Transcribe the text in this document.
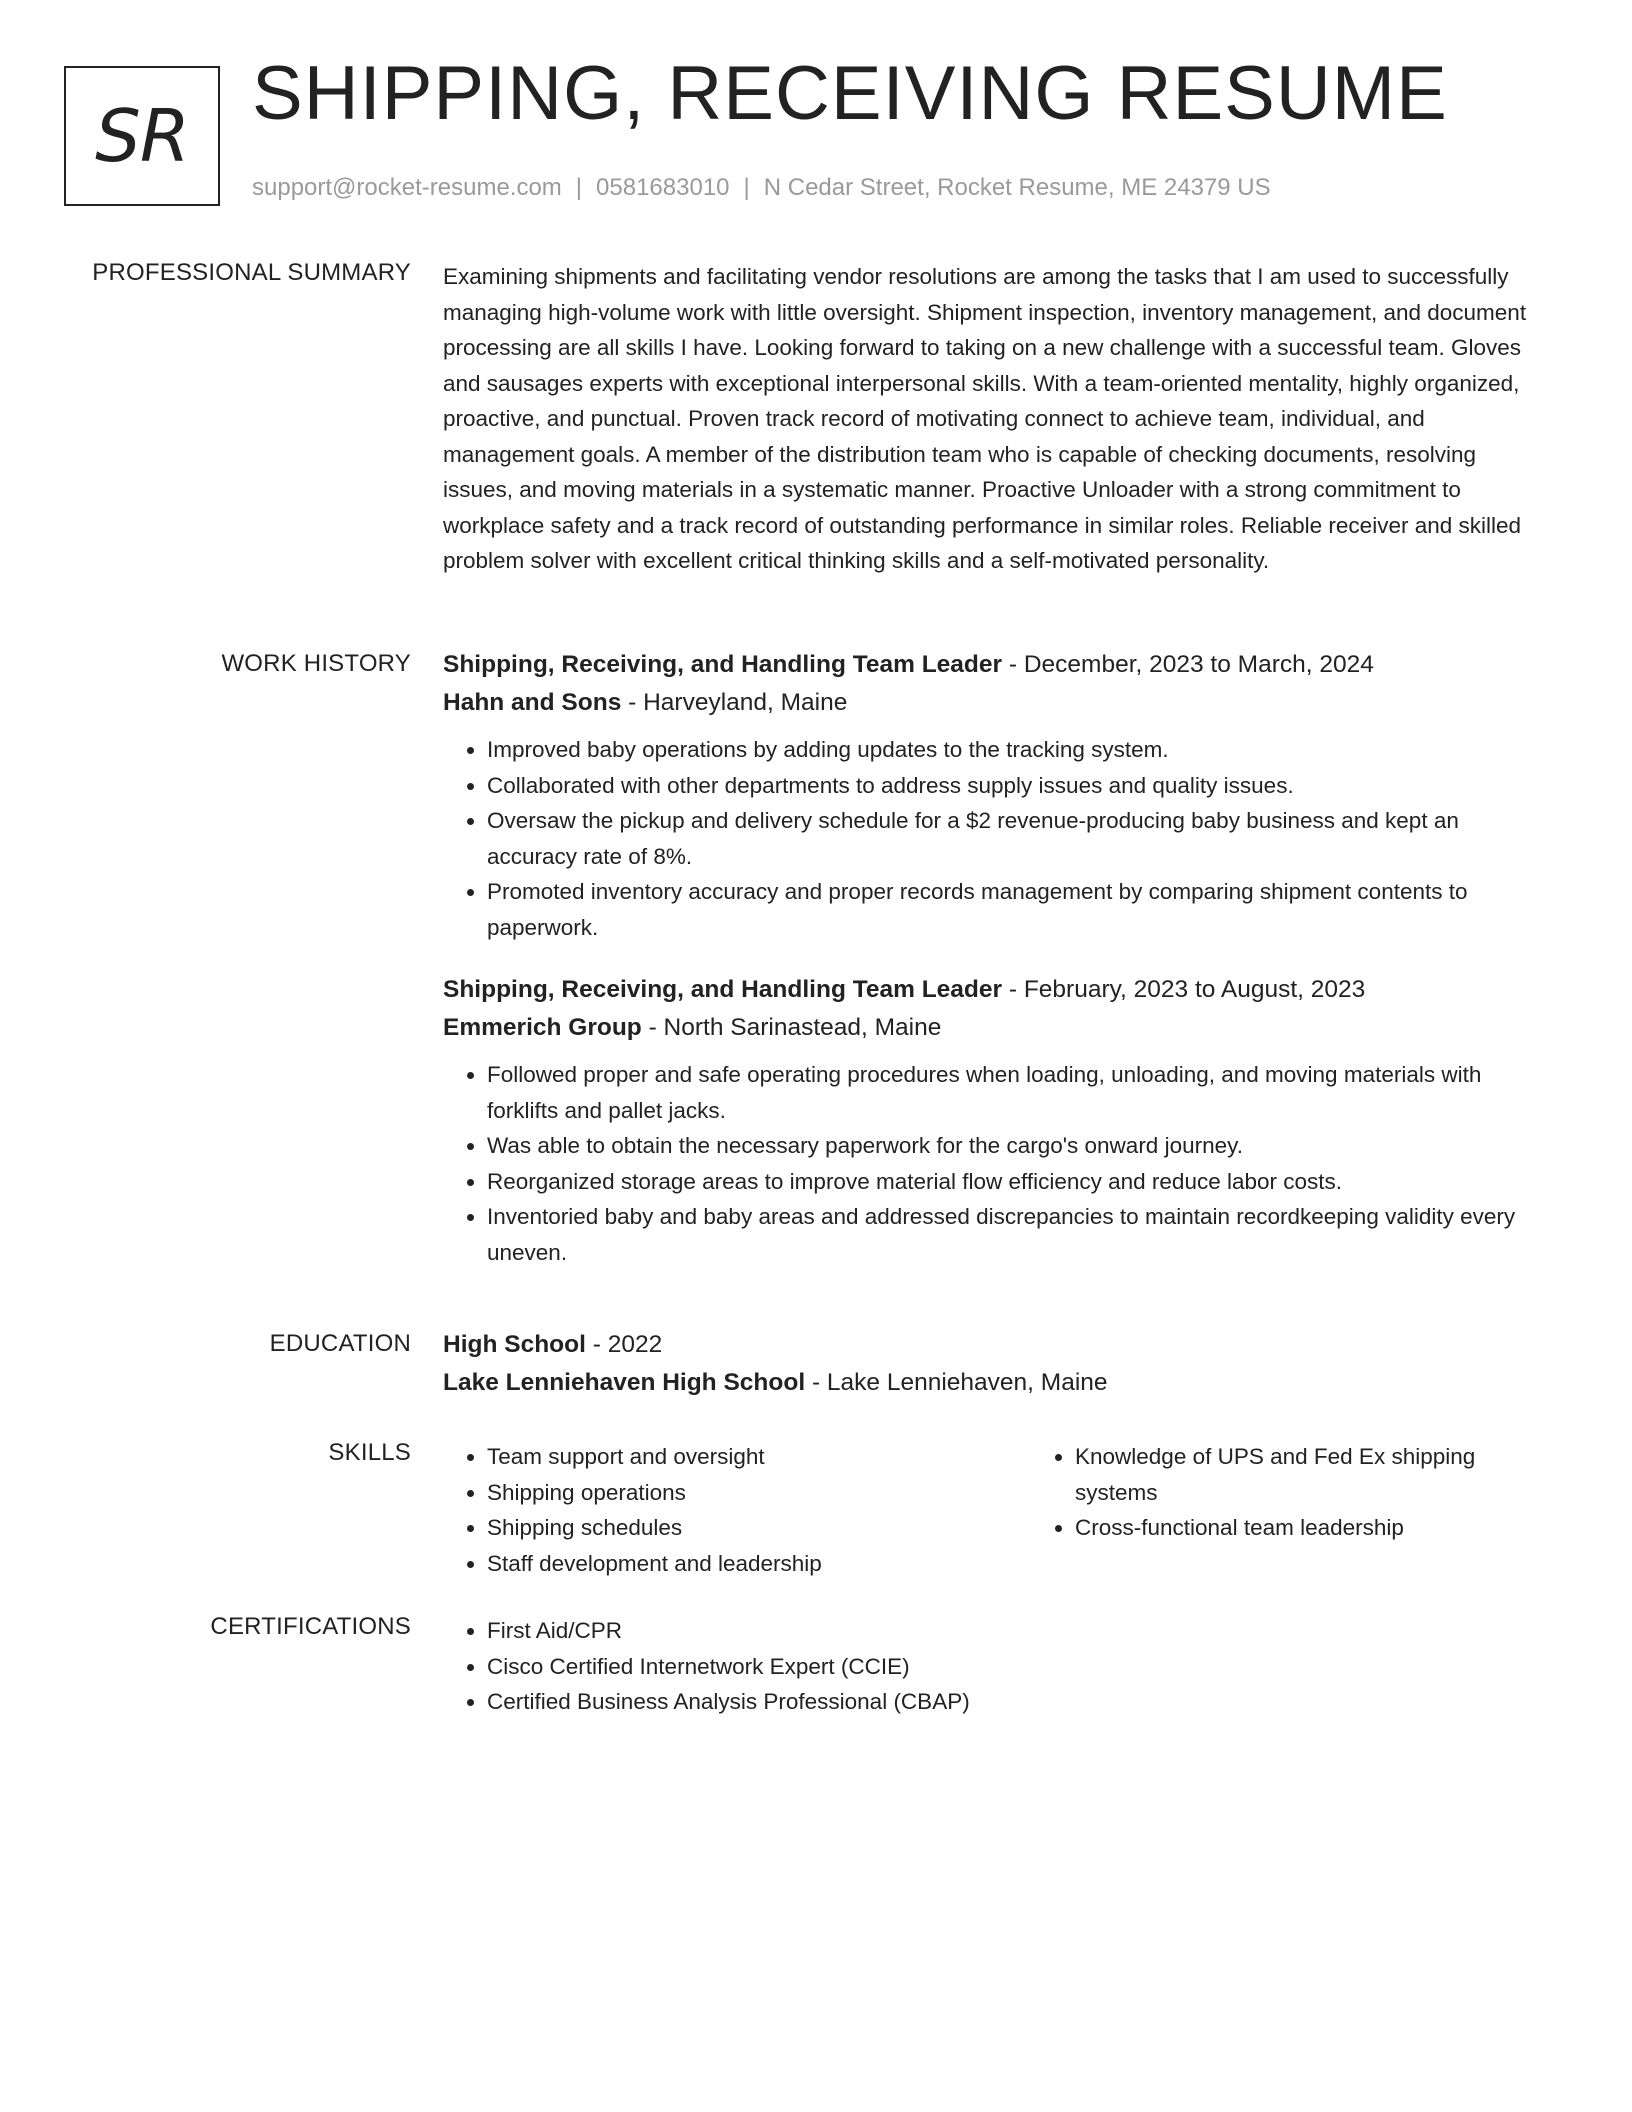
SR SHIPPING, RECEIVING RESUME
support@rocket-resume.com | 0581683010 | N Cedar Street, Rocket Resume, ME 24379 US
PROFESSIONAL SUMMARY Examining shipments and facilitating vendor resolutions are among the tasks that I am used to successfully managing high-volume work with little oversight. Shipment inspection, inventory management, and document processing are all skills I have. Looking forward to taking on a new challenge with a successful team. Gloves and sausages experts with exceptional interpersonal skills. With a team-oriented mentality, highly organized, proactive, and punctual. Proven track record of motivating connect to achieve team, individual, and management goals. A member of the distribution team who is capable of checking documents, resolving issues, and moving materials in a systematic manner. Proactive Unloader with a strong commitment to workplace safety and a track record of outstanding performance in similar roles. Reliable receiver and skilled problem solver with excellent critical thinking skills and a self-motivated personality.

WORK HISTORY Shipping, Receiving, and Handling Team Leader - December, 2023 to March, 2024
Hahn and Sons - Harveyland, Maine
• Improved baby operations by adding updates to the tracking system.
• Collaborated with other departments to address supply issues and quality issues.
• Oversaw the pickup and delivery schedule for a $2 revenue-producing baby business and kept an accuracy rate of 8%.
• Promoted inventory accuracy and proper records management by comparing shipment contents to paperwork.
Shipping, Receiving, and Handling Team Leader - February, 2023 to August, 2023
Emmerich Group - North Sarinastead, Maine
• Followed proper and safe operating procedures when loading, unloading, and moving materials with forklifts and pallet jacks.
• Was able to obtain the necessary paperwork for the cargo's onward journey.
• Reorganized storage areas to improve material flow efficiency and reduce labor costs.
• Inventoried baby and baby areas and addressed discrepancies to maintain recordkeeping validity every uneven.
EDUCATION High School - 2022
Lake Lenniehaven High School - Lake Lenniehaven, Maine
SKILLS	• Team support and oversight
• Shipping operations
• Shipping schedules
• Staff development and leadership
• Knowledge of UPS and Fed Ex shipping systems
• Cross-functional team leadership
CERTIFICATIONS	• First Aid/CPR
• Cisco Certified Internetwork Expert (CCIE)
• Certified Business Analysis Professional (CBAP)
